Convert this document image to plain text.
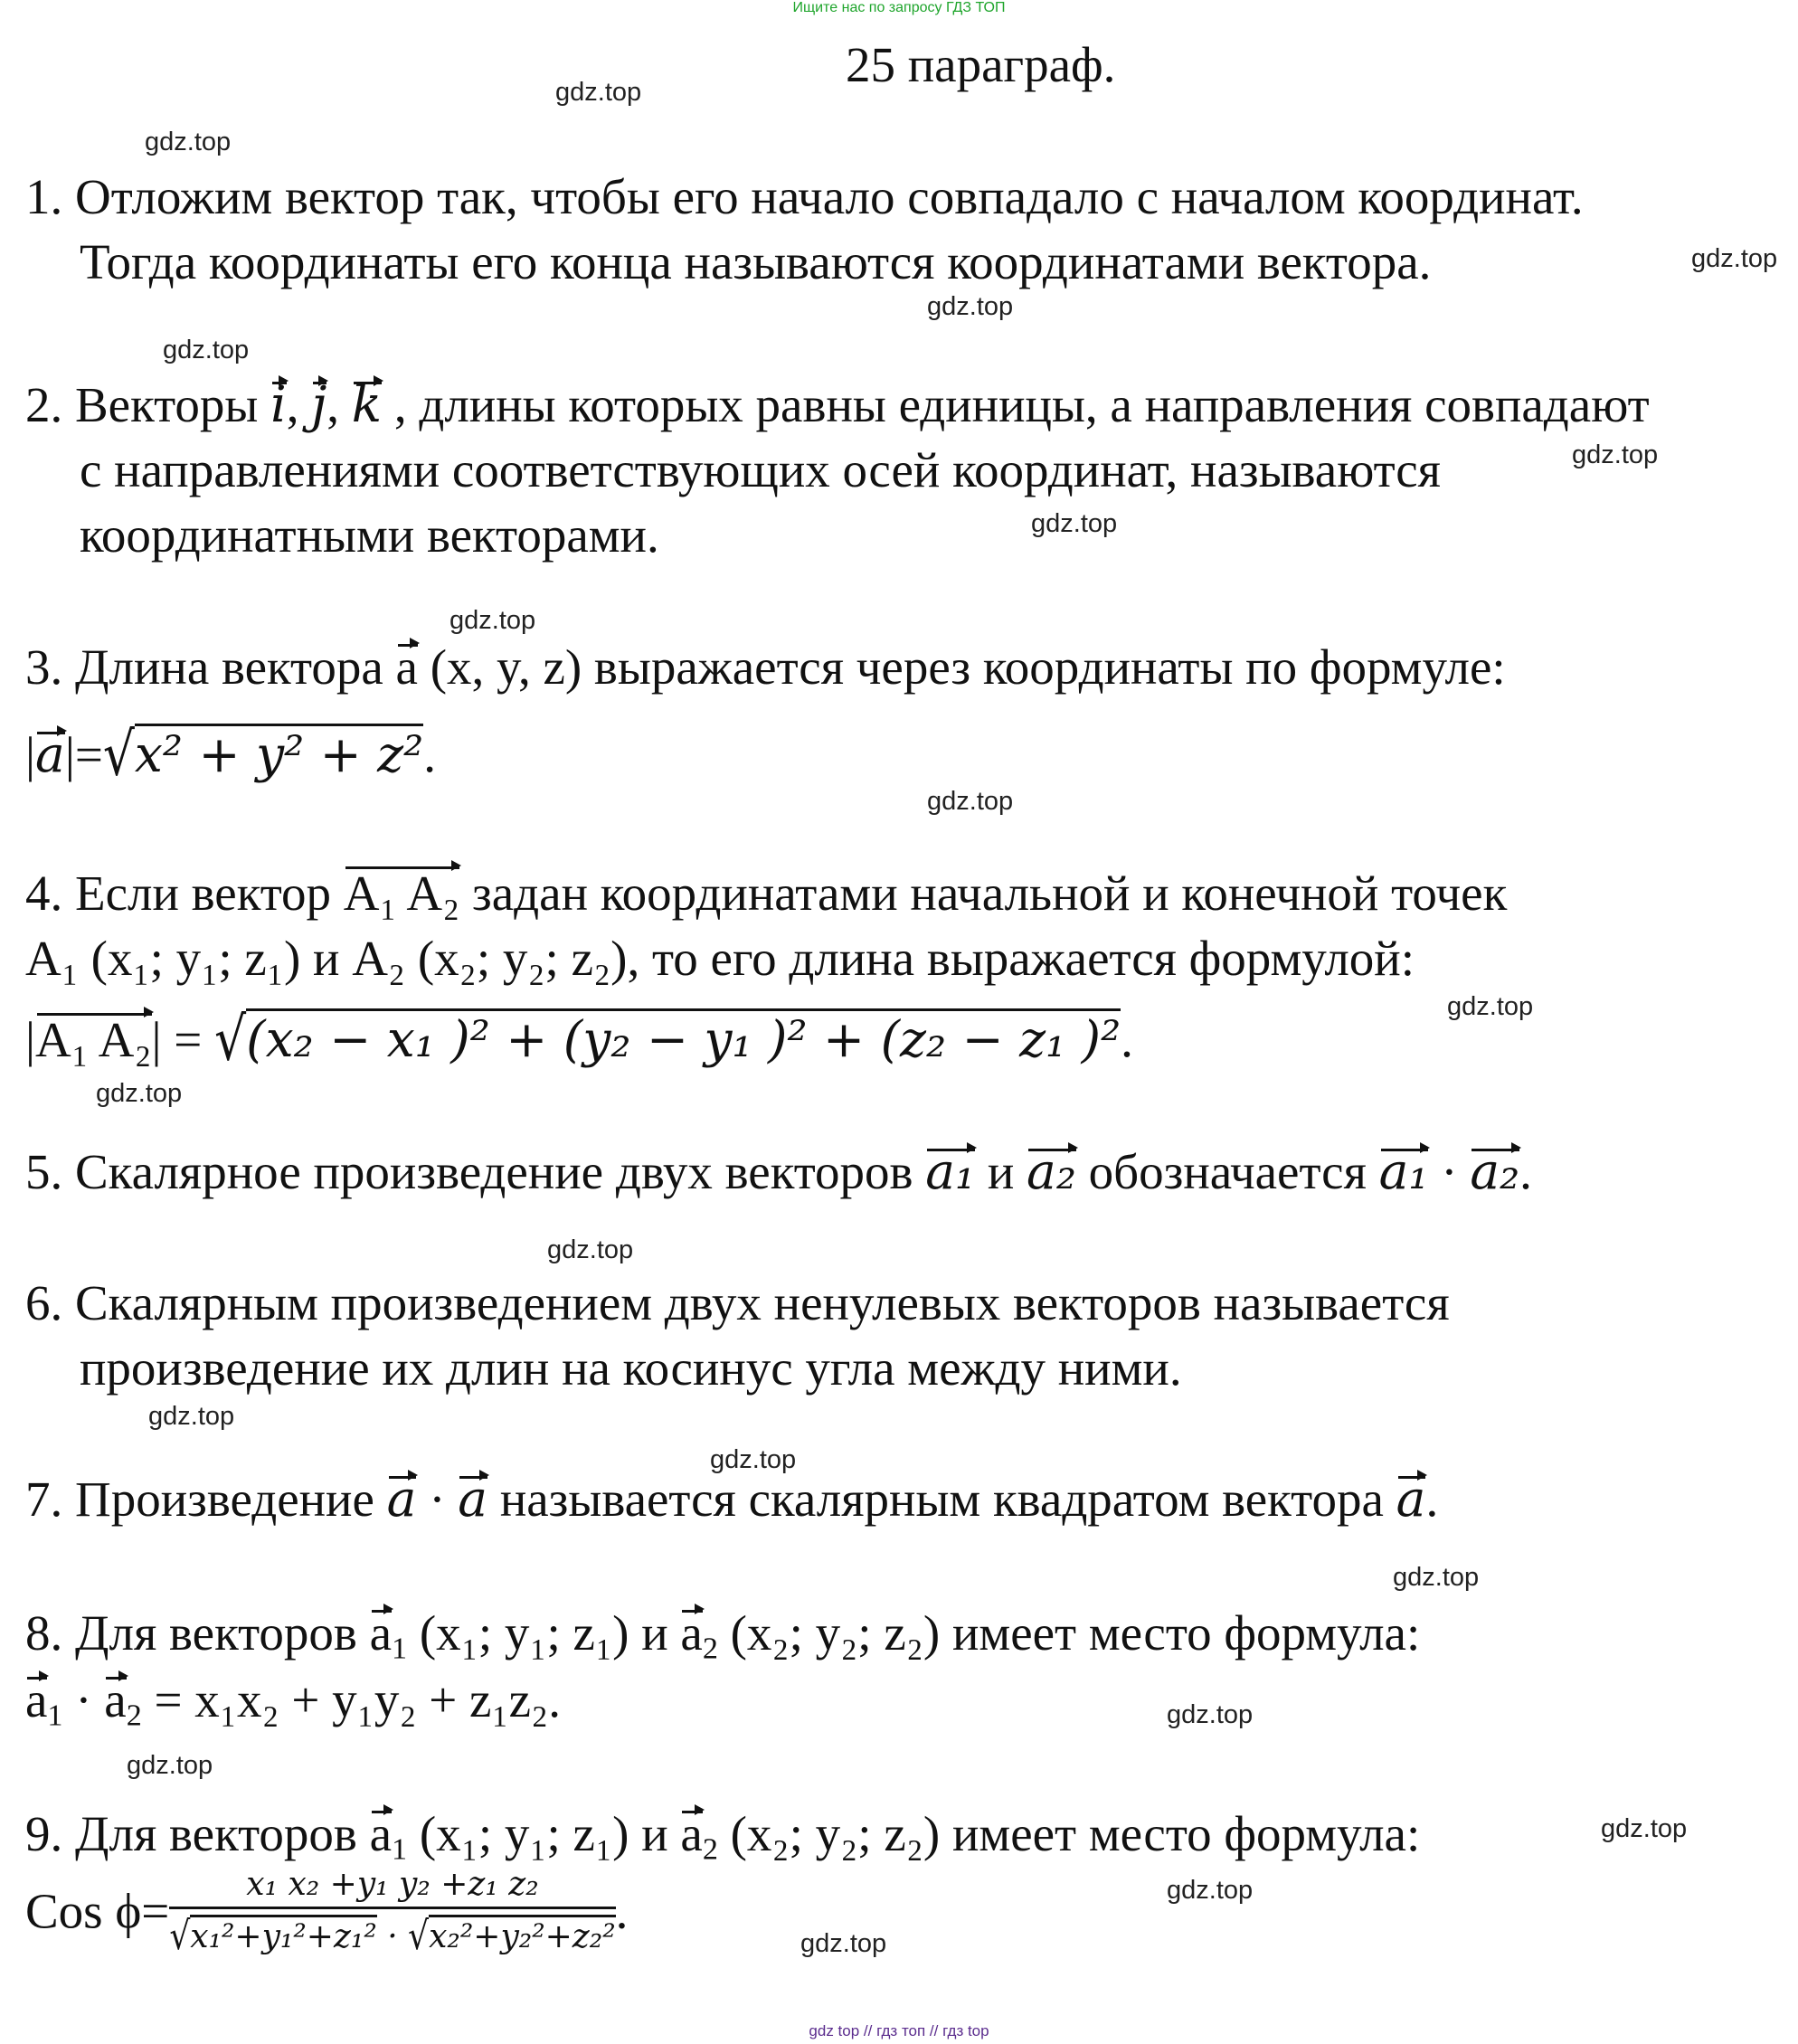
Ищите нас по запросу ГДЗ ТОП
25 параграф.
gdz.top
gdz.top
gdz.top
gdz.top
gdz.top
gdz.top
gdz.top
gdz.top
gdz.top
gdz.top
gdz.top
gdz.top
gdz.top
gdz.top
gdz.top
gdz.top
gdz.top
gdz.top
gdz.top
gdz.top
1. Отложим вектор так, чтобы его начало совпадало с началом координат.
Тогда координаты его конца называются координатами вектора.
2. Векторы i, j, k , длины которых равны единицы, а направления совпадают
с направлениями соответствующих осей координат, называются
координатными векторами.
3. Длина вектора a (x, y, z) выражается через координаты по формуле:
|a|=√x² + y² + z².
4. Если вектор A₁ A₂ задан координатами начальной и конечной точек
A₁ (x₁; y₁; z₁) и A₂ (x₂; y₂; z₂), то его длина выражается формулой:
|A₁ A₂| = √(x₂ − x₁ )² + (y₂ − y₁ )² + (z₂ − z₁ )².
5. Скалярное произведение двух векторов a₁ и a₂ обозначается a₁ · a₂.
6. Скалярным произведением двух ненулевых векторов называется
произведение их длин на косинус угла между ними.
7. Произведение a · a называется скалярным квадратом вектора a.
8. Для векторов $a_1$ (x₁; y₁; z₁) и $a_2$ (x₂; y₂; z₂) имеет место формула:
$a_1 \cdot a_2 = x_1x_2 + y_1y_2 + z_1z_2$.
9. Для векторов $a_1$ (x₁; y₁; z₁) и $a_2$ (x₂; y₂; z₂) имеет место формула:
Cos $\phi= \frac{\text{x₁ x₂ +y₁ y₂ +z₁ z₂}}{\text{√x₁²+y₁²+z₁² · √x₂²+y₂²+z₂²}}$ .
gdz top // гдз топ // гдз top
